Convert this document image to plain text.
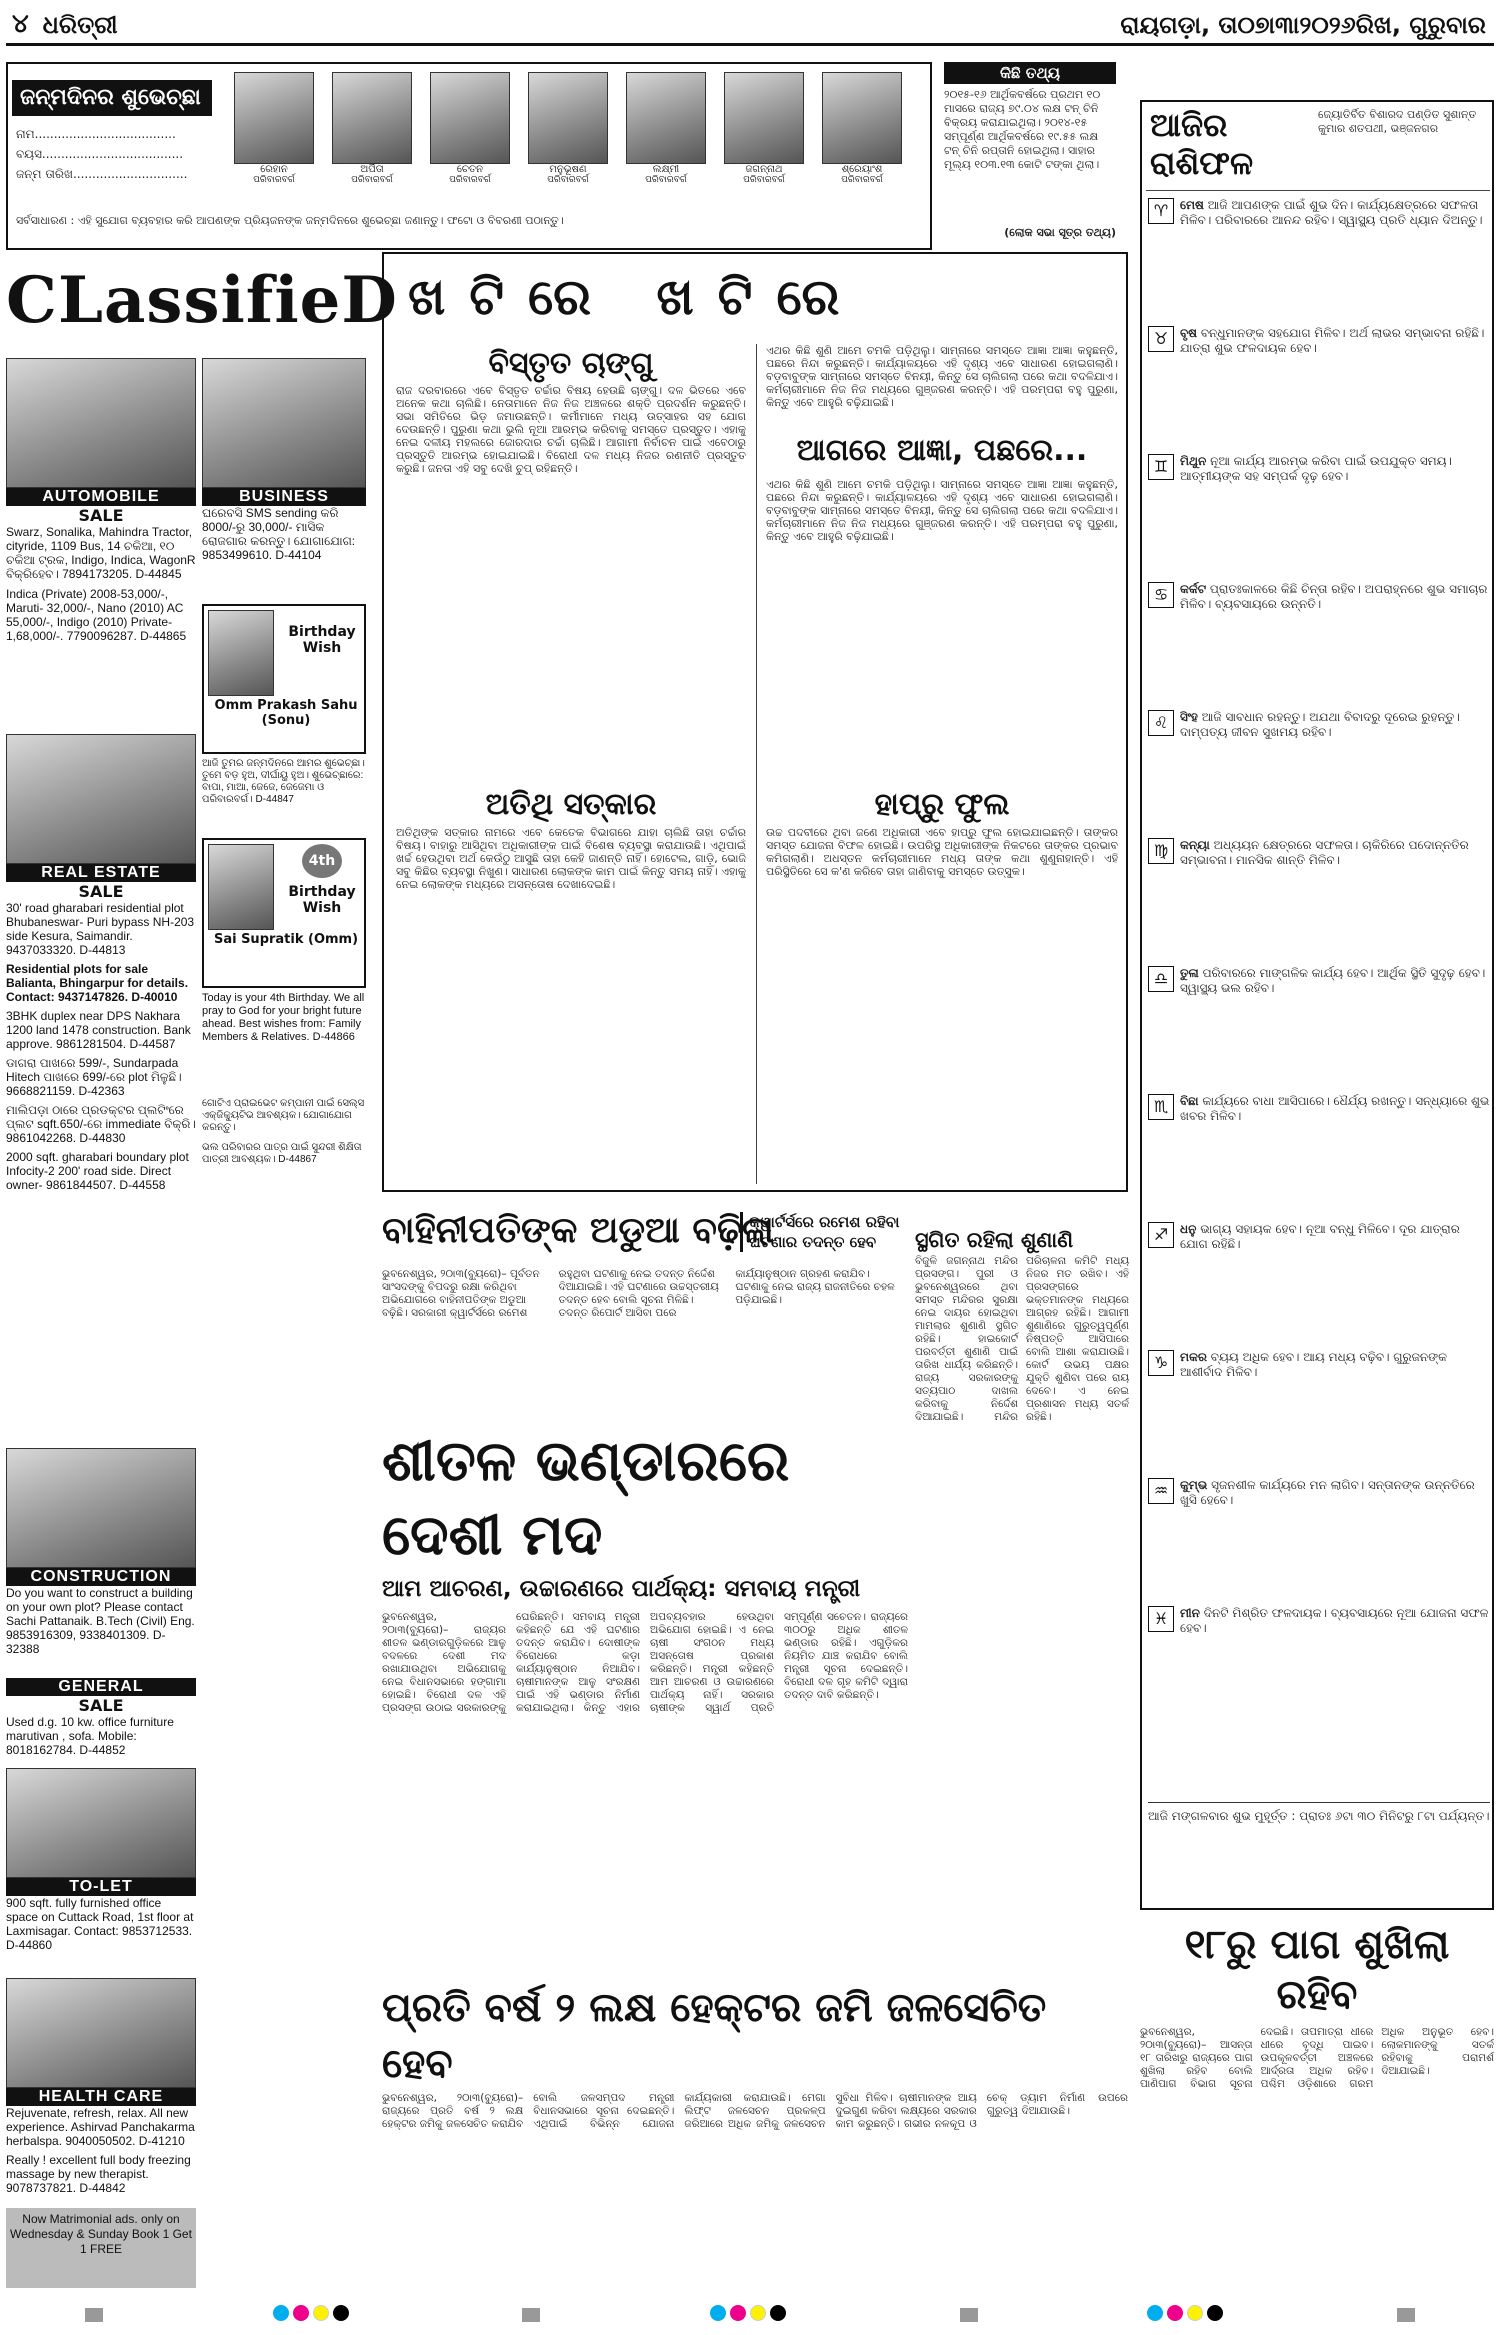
୪ ଧରିତ୍ରୀ	ରାୟଗଡ଼ା, ତା୦୭ା୩ା୨୦୨୬ରିଖ, ଗୁରୁବାର
ଜନ୍ମଦିନର ଶୁଭେଚ୍ଛା
ନାମ.....................................
ବୟସ.....................................
ଜନ୍ମ ତାରିଖ..............................	ରେହାନ
ପରିବାରବର୍ଗ
ଅର୍ପିତା
ପରିବାରବର୍ଗ
ଚେତନ
ପରିବାରବର୍ଗ
ମନୁଭୂଷଣ
ପରିବାରବର୍ଗ
ଲକ୍ଷ୍ମୀ
ପରିବାରବର୍ଗ
ଜଗନ୍ନାଥ
ପରିବାରବର୍ଗ
ଶ୍ରେୟାଂଶ
ପରିବାରବର୍ଗ
ସର୍ବସାଧାରଣ : ଏହି ସୁଯୋଗ ବ୍ୟବହାର କରି ଆପଣଙ୍କ ପ୍ରିୟଜନଙ୍କ ଜନ୍ମଦିନରେ ଶୁଭେଚ୍ଛା ଜଣାନ୍ତୁ। ଫଟୋ ଓ ବିବରଣୀ ପଠାନ୍ତୁ।
କିଛି ତଥ୍ୟ
୨୦୧୫-୧୬ ଆର୍ଥିକବର୍ଷରେ ପ୍ରଥମ ୧୦ ମାସରେ ରାଜ୍ୟ ୭୯.୦୪ ଲକ୍ଷ ଟନ୍ ଚିନି ବିକ୍ରୟ କରାଯାଇଥିଲା। ୨୦୧୪-୧୫ ସମ୍ପୂର୍ଣ୍ଣ ଆର୍ଥିକବର୍ଷରେ ୧୯.୫୫ ଲକ୍ଷ ଟନ୍ ଚିନି ରପ୍ତାନି ହୋଇଥିଲା। ସାହାର ମୂଲ୍ୟ ୧୦୩.୧୩ କୋଟି ଟଙ୍କା ଥିଲା।
(ଲୋକ ସଭା ସୂତ୍ର ତଥ୍ୟ)
ଆଜିର ରାଶିଫଳ
ଜ୍ୟୋତିର୍ବିତ ବିଶାରଦ ପଣ୍ଡିତ ସୁଶାନ୍ତ କୁମାର ଶତପଥୀ, ଭଞ୍ଜନଗର
♈ ମେଷ ଆଜି ଆପଣଙ୍କ ପାଇଁ ଶୁଭ ଦିନ। କାର୍ଯ୍ୟକ୍ଷେତ୍ରରେ ସଫଳତା ମିଳିବ। ପରିବାରରେ ଆନନ୍ଦ ରହିବ। ସ୍ୱାସ୍ଥ୍ୟ ପ୍ରତି ଧ୍ୟାନ ଦିଅନ୍ତୁ।
♉ ବୃଷ ବନ୍ଧୁମାନଙ୍କ ସହଯୋଗ ମିଳିବ। ଅର୍ଥ ଲାଭର ସମ୍ଭାବନା ରହିଛି। ଯାତ୍ରା ଶୁଭ ଫଳଦାୟକ ହେବ।
♊ ମିଥୁନ ନୂଆ କାର୍ଯ୍ୟ ଆରମ୍ଭ କରିବା ପାଇଁ ଉପଯୁକ୍ତ ସମୟ। ଆତ୍ମୀୟଙ୍କ ସହ ସମ୍ପର୍କ ଦୃଢ଼ ହେବ।
♋ କର୍କଟ ପ୍ରାତଃକାଳରେ କିଛି ଚିନ୍ତା ରହିବ। ଅପରାହ୍ନରେ ଶୁଭ ସମାଚାର ମିଳିବ। ବ୍ୟବସାୟରେ ଉନ୍ନତି।
♌ ସିଂହ ଆଜି ସାବଧାନ ରହନ୍ତୁ। ଅଯଥା ବିବାଦରୁ ଦୂରେଇ ରୁହନ୍ତୁ। ଦାମ୍ପତ୍ୟ ଜୀବନ ସୁଖମୟ ରହିବ।
♍ କନ୍ୟା ଅଧ୍ୟୟନ କ୍ଷେତ୍ରରେ ସଫଳତା। ଚାକିରିରେ ପଦୋନ୍ନତିର ସମ୍ଭାବନା। ମାନସିକ ଶାନ୍ତି ମିଳିବ।
♎ ତୁଳା ପରିବାରରେ ମାଙ୍ଗଳିକ କାର୍ଯ୍ୟ ହେବ। ଆର୍ଥିକ ସ୍ଥିତି ସୁଦୃଢ଼ ହେବ। ସ୍ୱାସ୍ଥ୍ୟ ଭଲ ରହିବ।
♏ ବିଛା କାର୍ଯ୍ୟରେ ବାଧା ଆସିପାରେ। ଧୈର୍ଯ୍ୟ ରଖନ୍ତୁ। ସନ୍ଧ୍ୟାରେ ଶୁଭ ଖବର ମିଳିବ।
♐ ଧନୁ ଭାଗ୍ୟ ସହାୟକ ହେବ। ନୂଆ ବନ୍ଧୁ ମିଳିବେ। ଦୂର ଯାତ୍ରାର ଯୋଗ ରହିଛି।
♑ ମକର ବ୍ୟୟ ଅଧିକ ହେବ। ଆୟ ମଧ୍ୟ ବଢ଼ିବ। ଗୁରୁଜନଙ୍କ ଆଶୀର୍ବାଦ ମିଳିବ।
♒ କୁମ୍ଭ ସୃଜନଶୀଳ କାର୍ଯ୍ୟରେ ମନ ଲାଗିବ। ସନ୍ତାନଙ୍କ ଉନ୍ନତିରେ ଖୁସି ହେବେ।
♓ ମୀନ ଦିନଟି ମିଶ୍ରିତ ଫଳଦାୟକ। ବ୍ୟବସାୟରେ ନୂଆ ଯୋଜନା ସଫଳ ହେବ।
ଆଜି ମଙ୍ଗଳବାର ଶୁଭ ମୁହୂର୍ତ୍ତ : ପ୍ରାତଃ ୬ଟା ୩୦ ମିନିଟରୁ ୮ଟା ପର୍ଯ୍ୟନ୍ତ।
CLassifieD
AUTOMOBILE
SALE
Swarz, Sonalika, Mahindra Tractor, cityride, 1109 Bus, 14 ଚକିଆ, ୧୦ ଚକିଆ ଟ୍ରକ, Indigo, Indica, WagonR ବିକ୍ରିହେବ। 7894173205. D-44845
Indica (Private) 2008-53,000/-, Maruti- 32,000/-, Nano (2010) AC 55,000/-, Indigo (2010) Private-1,68,000/-. 7790096287. D-44865
BUSINESS
ଘରେବସି SMS sending କରି 8000/-ରୁ 30,000/- ମାସିକ ରୋଜଗାର କରନ୍ତୁ। ଯୋଗାଯୋଗ: 9853499610. D-44104
Birthday Wish
Omm Prakash Sahu (Sonu)
ଆଜି ତୁମର ଜନ୍ମଦିନରେ ଆମର ଶୁଭେଚ୍ଛା। ତୁମେ ବଡ଼ ହୁଅ, ଦୀର୍ଘାୟୁ ହୁଅ। ଶୁଭେଚ୍ଛାରେ: ବାପା, ମାଆ, ଜେଜେ, ଜେଜେମା ଓ ପରିବାରବର୍ଗ। D-44847
REAL ESTATE
SALE
30' road gharabari residential plot Bhubaneswar- Puri bypass NH-203 side Kesura, Saimandir. 9437033320. D-44813
Residential plots for sale Balianta, Bhingarpur for details. Contact: 9437147826. D-40010
3BHK duplex near DPS Nakhara 1200 land 1478 construction. Bank approve. 9861281504. D-44587
ଡାଗରା ପାଖରେ 599/-, Sundarpada Hitech ପାଖରେ 699/-ରେ plot ମିଳୁଛି। 9668821159. D-42363
ମାଲିପଡ଼ା ଠାରେ ପ୍ରଡକ୍ଟର ପ୍ଲଟିଂରେ ପ୍ଲଟ sqft.650/-ରେ immediate ବିକ୍ରି। 9861042268. D-44830
2000 sqft. gharabari boundary plot Infocity-2 200' road side. Direct owner- 9861844507. D-44558
4th
Birthday Wish
Sai Supratik (Omm)
Today is your 4th Birthday. We all pray to God for your bright future ahead. Best wishes from: Family Members & Relatives. D-44866
ଗୋଟିଏ ପ୍ରାଇଭେଟ କମ୍ପାନୀ ପାଇଁ ସେଲ୍ସ ଏକ୍ଜିକ୍ୟୁଟିଭ ଆବଶ୍ୟକ। ଯୋଗାଯୋଗ କରନ୍ତୁ।
ଭଲ ପରିବାରର ପାତ୍ର ପାଇଁ ସୁନ୍ଦରୀ ଶିକ୍ଷିତା ପାତ୍ରୀ ଆବଶ୍ୟକ। D-44867
CONSTRUCTION
Do you want to construct a building on your own plot? Please contact Sachi Pattanaik. B.Tech (Civil) Eng. 9853916309, 9338401309. D-32388
GENERAL
SALE
Used d.g. 10 kw. office furniture marutivan , sofa. Mobile: 8018162784. D-44852
TO-LET
900 sqft. fully furnished office space on Cuttack Road, 1st floor at Laxmisagar. Contact: 9853712533. D-44860
HEALTH CARE
Rejuvenate, refresh, relax. All new experience. Ashirvad Panchakarma herbalspa. 9040050502. D-41210
Really ! excellent full body freezing massage by new therapist. 9078737821. D-44842
Now Matrimonial ads. only on Wednesday & Sunday Book 1 Get 1 FREE
ଖଟିରେ ଖଟିରେ
ବିସ୍ତୃତ ଚାଙ୍ଗୁ
ରାଜ ଦରବାରରେ ଏବେ ବିସ୍ତୃତ ଚର୍ଚ୍ଚାର ବିଷୟ ହେଉଛି ଚାଙ୍ଗୁ। ଦଳ ଭିତରେ ଏବେ ଅନେକ କଥା ଚାଲିଛି। ନେତାମାନେ ନିଜ ନିଜ ଅଞ୍ଚଳରେ ଶକ୍ତି ପ୍ରଦର୍ଶନ କରୁଛନ୍ତି। ସଭା ସମିତିରେ ଭିଡ଼ ଜମାଉଛନ୍ତି। କର୍ମୀମାନେ ମଧ୍ୟ ଉତ୍ସାହର ସହ ଯୋଗ ଦେଉଛନ୍ତି। ପୁରୁଣା କଥା ଭୁଲି ନୂଆ ଆରମ୍ଭ କରିବାକୁ ସମସ୍ତେ ପ୍ରସ୍ତୁତ। ଏହାକୁ ନେଇ ଦଳୀୟ ମହଲରେ ଜୋରଦାର ଚର୍ଚ୍ଚା ଚାଲିଛି। ଆଗାମୀ ନିର୍ବାଚନ ପାଇଁ ଏବେଠାରୁ ପ୍ରସ୍ତୁତି ଆରମ୍ଭ ହୋଇଯାଇଛି। ବିରୋଧୀ ଦଳ ମଧ୍ୟ ନିଜର ରଣନୀତି ପ୍ରସ୍ତୁତ କରୁଛି। ଜନତା ଏହି ସବୁ ଦେଖି ଚୁପ୍ ରହିଛନ୍ତି।
ଏଥର କିଛି ଶୁଣି ଆମେ ଚମକି ପଡ଼ିଥିଲୁ। ସାମ୍ନାରେ ସମସ୍ତେ ଆଜ୍ଞା ଆଜ୍ଞା କହୁଛନ୍ତି, ପଛରେ ନିନ୍ଦା କରୁଛନ୍ତି। କାର୍ଯ୍ୟାଳୟରେ ଏହି ଦୃଶ୍ୟ ଏବେ ସାଧାରଣ ହୋଇଗଲାଣି। ବଡ଼ବାବୁଙ୍କ ସାମ୍ନାରେ ସମସ୍ତେ ବିନୟୀ, କିନ୍ତୁ ସେ ଚାଲିଗଲା ପରେ କଥା ବଦଳିଯାଏ। କର୍ମଚାରୀମାନେ ନିଜ ନିଜ ମଧ୍ୟରେ ଗୁଞ୍ଜରଣ କରନ୍ତି। ଏହି ପରମ୍ପରା ବହୁ ପୁରୁଣା, କିନ୍ତୁ ଏବେ ଆହୁରି ବଢ଼ିଯାଇଛି।
ଆଗରେ ଆଜ୍ଞା, ପଛରେ...
ଏଥର କିଛି ଶୁଣି ଆମେ ଚମକି ପଡ଼ିଥିଲୁ। ସାମ୍ନାରେ ସମସ୍ତେ ଆଜ୍ଞା ଆଜ୍ଞା କହୁଛନ୍ତି, ପଛରେ ନିନ୍ଦା କରୁଛନ୍ତି। କାର୍ଯ୍ୟାଳୟରେ ଏହି ଦୃଶ୍ୟ ଏବେ ସାଧାରଣ ହୋଇଗଲାଣି। ବଡ଼ବାବୁଙ୍କ ସାମ୍ନାରେ ସମସ୍ତେ ବିନୟୀ, କିନ୍ତୁ ସେ ଚାଲିଗଲା ପରେ କଥା ବଦଳିଯାଏ। କର୍ମଚାରୀମାନେ ନିଜ ନିଜ ମଧ୍ୟରେ ଗୁଞ୍ଜରଣ କରନ୍ତି। ଏହି ପରମ୍ପରା ବହୁ ପୁରୁଣା, କିନ୍ତୁ ଏବେ ଆହୁରି ବଢ଼ିଯାଇଛି।
ଅତିଥି ସତ୍କାର
ଅତିଥିଙ୍କ ସତ୍କାର ନାମରେ ଏବେ କେତେକ ବିଭାଗରେ ଯାହା ଚାଲିଛି ତାହା ଚର୍ଚ୍ଚାର ବିଷୟ। ବାହାରୁ ଆସିଥିବା ଅଧିକାରୀଙ୍କ ପାଇଁ ବିଶେଷ ବ୍ୟବସ୍ଥା କରାଯାଉଛି। ଏଥିପାଇଁ ଖର୍ଚ୍ଚ ହେଉଥିବା ଅର୍ଥ କେଉଁଠୁ ଆସୁଛି ତାହା କେହି ଜାଣନ୍ତି ନାହିଁ। ହୋଟେଲ, ଗାଡ଼ି, ଭୋଜି ସବୁ କିଛିର ବ୍ୟବସ୍ଥା ନିଖୁଣ। ସାଧାରଣ ଲୋକଙ୍କ କାମ ପାଇଁ କିନ୍ତୁ ସମୟ ନାହିଁ। ଏହାକୁ ନେଇ ଲୋକଙ୍କ ମଧ୍ୟରେ ଅସନ୍ତୋଷ ଦେଖାଦେଇଛି।
ହାପ୍ରୁ ଫୁଲ
ଉଚ୍ଚ ପଦବୀରେ ଥିବା ଜଣେ ଅଧିକାରୀ ଏବେ ହାପ୍ରୁ ଫୁଲ ହୋଇଯାଇଛନ୍ତି। ତାଙ୍କର ସମସ୍ତ ଯୋଜନା ବିଫଳ ହୋଇଛି। ଉପରିସ୍ଥ ଅଧିକାରୀଙ୍କ ନିକଟରେ ତାଙ୍କର ପ୍ରଭାବ କମିଗଲାଣି। ଅଧସ୍ତନ କର୍ମଚାରୀମାନେ ମଧ୍ୟ ତାଙ୍କ କଥା ଶୁଣୁନାହାନ୍ତି। ଏହି ପରିସ୍ଥିତିରେ ସେ କ'ଣ କରିବେ ତାହା ଜାଣିବାକୁ ସମସ୍ତେ ଉତ୍ସୁକ।
ବାହିନୀପତିଙ୍କ ଅଡୁଆ ବଢ଼ିଲା
କ୍ୱାର୍ଟର୍ସରେ ରମେଶ ରହିବା ଘଟଣାର ତଦନ୍ତ ହେବ
ଭୁବନେଶ୍ୱର, ୨୦ା୩(ବ୍ୟୁରୋ)– ପୂର୍ବତନ ସାଂସଦଙ୍କୁ ବିପଦରୁ ରକ୍ଷା କରିଥିବା ଅଭିଯୋଗରେ ବାହିନୀପତିଙ୍କ ଅଡୁଆ ବଢ଼ିଛି। ସରକାରୀ କ୍ୱାର୍ଟର୍ସରେ ରମେଶ ରହୁଥିବା ଘଟଣାକୁ ନେଇ ତଦନ୍ତ ନିର୍ଦ୍ଦେଶ ଦିଆଯାଇଛି। ଏହି ଘଟଣାରେ ଉଚ୍ଚସ୍ତରୀୟ ତଦନ୍ତ ହେବ ବୋଲି ସୂଚନା ମିଳିଛି। ତଦନ୍ତ ରିପୋର୍ଟ ଆସିବା ପରେ କାର୍ଯ୍ୟାନୁଷ୍ଠାନ ଗ୍ରହଣ କରାଯିବ। ଘଟଣାକୁ ନେଇ ରାଜ୍ୟ ରାଜନୀତିରେ ଚହଳ ପଡ଼ିଯାଇଛି।
ସ୍ଥଗିତ ରହିଲା ଶୁଣାଣି
ବିଜୁଳି ଜଗନ୍ନାଥ ମନ୍ଦିର ପ୍ରସଙ୍ଗ। ପୁରୀ ଓ ଭୁବନେଶ୍ୱରରେ ଥିବା ସମସ୍ତ ମନ୍ଦିରର ସୁରକ୍ଷା ନେଇ ଦାୟର ହୋଇଥିବା ମାମଲାର ଶୁଣାଣି ସ୍ଥଗିତ ରହିଛି। ହାଇକୋର୍ଟ ପରବର୍ତ୍ତୀ ଶୁଣାଣି ପାଇଁ ତାରିଖ ଧାର୍ଯ୍ୟ କରିଛନ୍ତି। ରାଜ୍ୟ ସରକାରଙ୍କୁ ସତ୍ୟପାଠ ଦାଖଲ କରିବାକୁ ନିର୍ଦ୍ଦେଶ ଦିଆଯାଇଛି। ମନ୍ଦିର ପରିଚାଳନା କମିଟି ମଧ୍ୟ ନିଜର ମତ ରଖିବ। ଏହି ପ୍ରସଙ୍ଗରେ ଭକ୍ତମାନଙ୍କ ମଧ୍ୟରେ ଆଗ୍ରହ ରହିଛି। ଆଗାମୀ ଶୁଣାଣିରେ ଗୁରୁତ୍ୱପୂର୍ଣ୍ଣ ନିଷ୍ପତ୍ତି ଆସିପାରେ ବୋଲି ଆଶା କରାଯାଉଛି। କୋର୍ଟ ଉଭୟ ପକ୍ଷର ଯୁକ୍ତି ଶୁଣିବା ପରେ ରାୟ ଦେବେ। ଏ ନେଇ ପ୍ରଶାସନ ମଧ୍ୟ ସତର୍କ ରହିଛି।
ଶୀତଳ ଭଣ୍ଡାରରେ ଦେଶୀ ମଦ
ଆମ ଆଚରଣ, ଉଚ୍ଚାରଣରେ ପାର୍ଥକ୍ୟ: ସମବାୟ ମନ୍ତ୍ରୀ
ଭୁବନେଶ୍ୱର, ୨୦ା୩(ବ୍ୟୁରୋ)– ରାଜ୍ୟର ଶୀତଳ ଭଣ୍ଡାରଗୁଡ଼ିକରେ ଆଳୁ ବଦଳରେ ଦେଶୀ ମଦ ରଖାଯାଉଥିବା ଅଭିଯୋଗକୁ ନେଇ ବିଧାନସଭାରେ ହଙ୍ଗାମା ହୋଇଛି। ବିରୋଧୀ ଦଳ ଏହି ପ୍ରସଙ୍ଗ ଉଠାଇ ସରକାରଙ୍କୁ ଘେରିଛନ୍ତି। ସମବାୟ ମନ୍ତ୍ରୀ କହିଛନ୍ତି ଯେ ଏହି ଘଟଣାର ତଦନ୍ତ କରାଯିବ। ଦୋଷୀଙ୍କ ବିରୋଧରେ କଡ଼ା କାର୍ଯ୍ୟାନୁଷ୍ଠାନ ନିଆଯିବ। ଚାଷୀମାନଙ୍କ ଆଳୁ ସଂରକ୍ଷଣ ପାଇଁ ଏହି ଭଣ୍ଡାର ନିର୍ମାଣ କରାଯାଇଥିଲା। କିନ୍ତୁ ଏହାର ଅପବ୍ୟବହାର ହେଉଥିବା ଅଭିଯୋଗ ହୋଇଛି। ଏ ନେଇ ଚାଷୀ ସଂଗଠନ ମଧ୍ୟ ଅସନ୍ତୋଷ ପ୍ରକାଶ କରିଛନ୍ତି। ମନ୍ତ୍ରୀ କହିଛନ୍ତି ଆମ ଆଚରଣ ଓ ଉଚ୍ଚାରଣରେ ପାର୍ଥକ୍ୟ ନାହିଁ। ସରକାର ଚାଷୀଙ୍କ ସ୍ୱାର୍ଥ ପ୍ରତି ସମ୍ପୂର୍ଣ୍ଣ ସଚେତନ। ରାଜ୍ୟରେ ୩୦୦ରୁ ଅଧିକ ଶୀତଳ ଭଣ୍ଡାର ରହିଛି। ଏଗୁଡ଼ିକର ନିୟମିତ ଯାଞ୍ଚ କରାଯିବ ବୋଲି ମନ୍ତ୍ରୀ ସୂଚନା ଦେଇଛନ୍ତି। ବିରୋଧୀ ଦଳ ଗୃହ କମିଟି ଦ୍ୱାରା ତଦନ୍ତ ଦାବି କରିଛନ୍ତି।
ପ୍ରତି ବର୍ଷ ୨ ଲକ୍ଷ ହେକ୍ଟର ଜମି ଜଳସେଚିତ ହେବ
ଭୁବନେଶ୍ୱର, ୨୦ା୩(ବ୍ୟୁରୋ)– ରାଜ୍ୟରେ ପ୍ରତି ବର୍ଷ ୨ ଲକ୍ଷ ହେକ୍ଟର ଜମିକୁ ଜଳସେଚିତ କରାଯିବ ବୋଲି ଜଳସମ୍ପଦ ମନ୍ତ୍ରୀ ବିଧାନସଭାରେ ସୂଚନା ଦେଇଛନ୍ତି। ଏଥିପାଇଁ ବିଭିନ୍ନ ଯୋଜନା କାର୍ଯ୍ୟକାରୀ କରାଯାଉଛି। ମେଗା ଲିଫ୍ଟ ଜଳସେଚନ ପ୍ରକଳ୍ପ ଜରିଆରେ ଅଧିକ ଜମିକୁ ଜଳସେଚନ ସୁବିଧା ମିଳିବ। ଚାଷୀମାନଙ୍କ ଆୟ ଦୁଇଗୁଣ କରିବା ଲକ୍ଷ୍ୟରେ ସରକାର କାମ କରୁଛନ୍ତି। ଗଭୀର ନଳକୂପ ଓ ଚେକ୍ ଡ୍ୟାମ ନିର୍ମାଣ ଉପରେ ଗୁରୁତ୍ୱ ଦିଆଯାଉଛି।
୧୮ରୁ ପାଗ ଶୁଖିଲା ରହିବ
ଭୁବନେଶ୍ୱର, ୨୦ା୩(ବ୍ୟୁରୋ)– ଆସନ୍ତା ୧୮ ତାରିଖରୁ ରାଜ୍ୟରେ ପାଗ ଶୁଖିଲା ରହିବ ବୋଲି ପାଣିପାଗ ବିଭାଗ ସୂଚନା ଦେଇଛି। ତାପମାତ୍ରା ଧୀରେ ଧୀରେ ବୃଦ୍ଧି ପାଇବ। ଉପକୂଳବର୍ତ୍ତୀ ଅଞ୍ଚଳରେ ଆର୍ଦ୍ରତା ଅଧିକ ରହିବ। ପଶ୍ଚିମ ଓଡ଼ିଶାରେ ଗରମ ଅଧିକ ଅନୁଭୂତ ହେବ। ଲୋକମାନଙ୍କୁ ସତର୍କ ରହିବାକୁ ପରାମର୍ଶ ଦିଆଯାଇଛି।
